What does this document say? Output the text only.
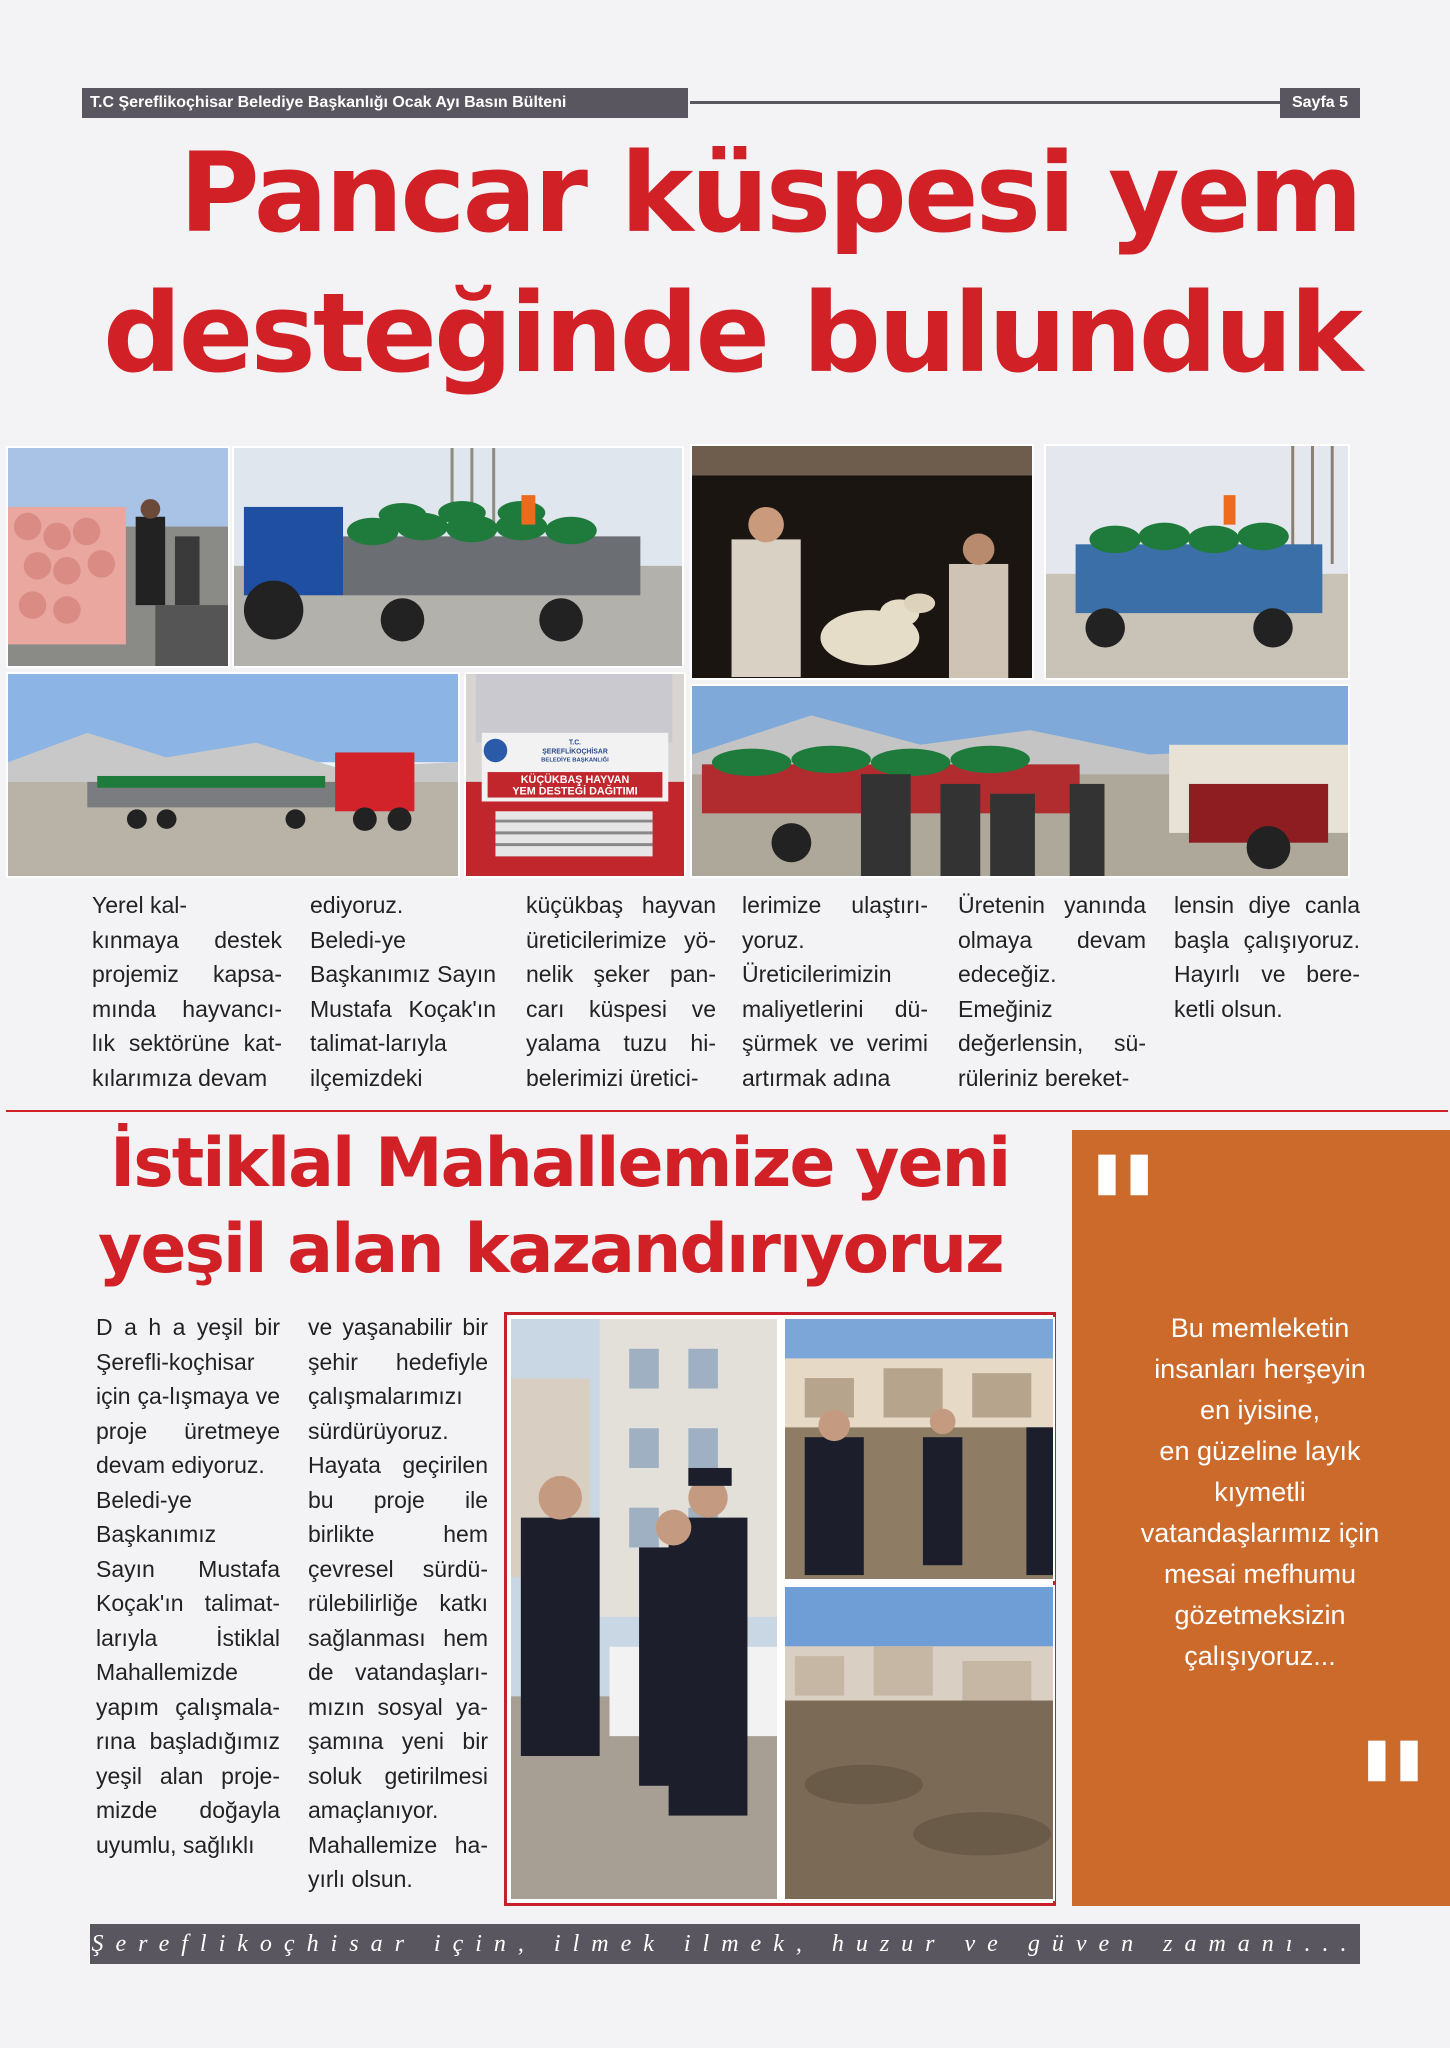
T.C Şereflikoçhisar Belediye Başkanlığı Ocak Ayı Basın Bülteni	Sayfa 5
Pancar küspesi yem
desteğinde bulunduk
T.C.
ŞEREFLİKOÇHİSAR
BELEDİYE BAŞKANLIĞI
KÜÇÜKBAŞ HAYVAN
YEM DESTEĞİ DAĞITIMI

Yerel kal-
kınmaya destek projemiz kapsa-mında hayvancı-lık sektörüne kat-kılarımıza devam

ediyoruz.
Beledi-ye Başkanımız Sayın Mustafa Koçak'ın talimat-larıyla ilçemizdeki

küçükbaş hayvan üreticilerimize yö-nelik şeker pan-carı küspesi ve yalama tuzu hi-belerimizi üretici-

lerimize ulaştırı-yoruz.
Üreticilerimizin maliyetlerini dü-şürmek ve verimi artırmak adına

Üretenin yanında olmaya devam edeceğiz.
Emeğiniz değerlensin, sü-rüleriniz bereket-

lensin diye canla başla çalışıyoruz. Hayırlı ve bere-ketli olsun.

İstiklal Mahallemize yeni
yeşil alan kazandırıyoruz

D a h a yeşil bir Şerefli-koçhisar için ça-lışmaya ve proje üretmeye devam ediyoruz.
Beledi-ye Başkanımız Sayın Mustafa Koçak'ın talimat-larıyla İstiklal Mahallemizde yapım çalışmala-rına başladığımız yeşil alan proje-mizde doğayla uyumlu, sağlıklı

ve yaşanabilir bir şehir hedefiyle çalışmalarımızı sürdürüyoruz.
Hayata geçirilen bu proje ile birlikte hem çevresel sürdü-rülebilirliğe katkı sağlanması hem de vatandaşları-mızın sosyal ya-şamına yeni bir soluk getirilmesi amaçlanıyor. Mahallemize ha-yırlı olsun.

"
Bu memleketin
insanları herşeyin
en iyisine,
en güzeline layık
kıymetli
vatandaşlarımız için
mesai mefhumu
gözetmeksizin
çalışıyoruz...
"
Şereflikoçhisar için, ilmek ilmek, huzur ve güven zamanı...
